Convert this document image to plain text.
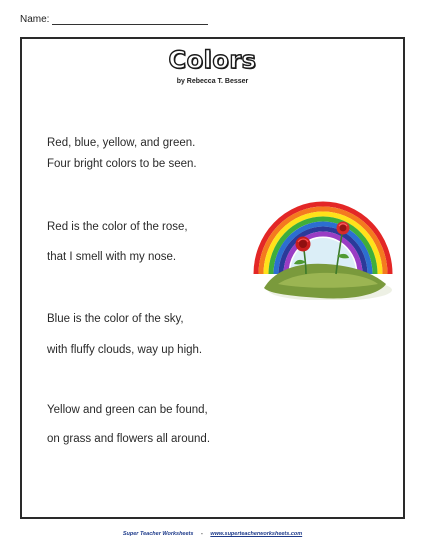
Name:
Colors
by Rebecca T. Besser
Red, blue, yellow, and green.
Four bright colors to be seen.
Red is the color of the rose,
that I smell with my nose.
Blue is the color of the sky,
with fluffy clouds, way up high.
Yellow and green can be found,
on grass and flowers all around.
Super Teacher Worksheets - www.superteacherworksheets.com
